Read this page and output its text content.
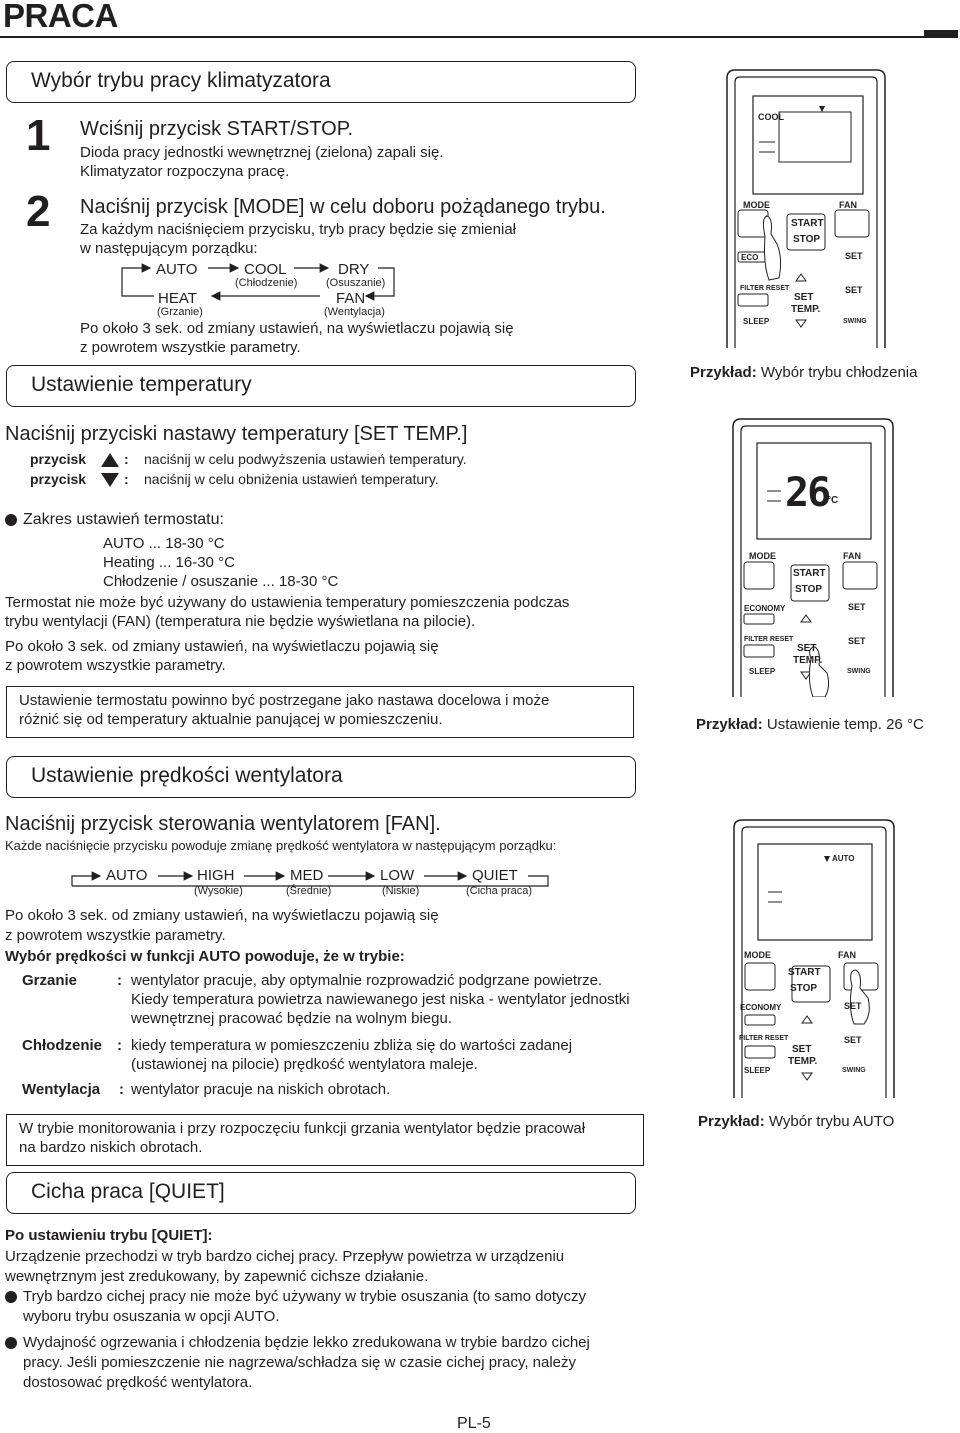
PRACA
Wybór trybu pracy klimatyzatora
1 Wciśnij przycisk START/STOP.
Dioda pracy jednostki wewnętrznej (zielona) zapali się.
Klimatyzator rozpoczyna pracę.
2 Naciśnij przycisk [MODE] w celu doboru pożądanego trybu.
Za każdym naciśnięciem przycisku, tryb pracy będzie się zmieniał
w następującym porządku:
AUTO	COOL
(Chłodzenie)
DRY
(Osuszanie)
HEAT
(Grzanie)
FAN
(Wentylacja)
Po około 3 sek. od zmiany ustawień, na wyświetlaczu pojawią się
z powrotem wszystkie parametry.
Ustawienie temperatury
Naciśnij przyciski nastawy temperatury [SET TEMP.]
przycisk	: naciśnij w celu podwyższenia ustawień temperatury.
przycisk	: naciśnij w celu obniżenia ustawień temperatury.
Zakres ustawień termostatu:
AUTO ... 18-30 °C
Heating ... 16-30 °C
Chłodzenie / osuszanie ... 18-30 °C
Termostat nie może być używany do ustawienia temperatury pomieszczenia podczas
trybu wentylacji (FAN) (temperatura nie będzie wyświetlana na pilocie).
Po około 3 sek. od zmiany ustawień, na wyświetlaczu pojawią się
z powrotem wszystkie parametry.
Ustawienie termostatu powinno być postrzegane jako nastawa docelowa i może
różnić się od temperatury aktualnie panującej w pomieszczeniu.
Ustawienie prędkości wentylatora
Naciśnij przycisk sterowania wentylatorem [FAN].
Każde naciśnięcie przycisku powoduje zmianę prędkość wentylatora w następującym porządku:
AUTO	HIGH
(Wysokie)
MED
(Średnie)
LOW
(Niskie)
QUIET
(Cicha praca)
Po około 3 sek. od zmiany ustawień, na wyświetlaczu pojawią się
z powrotem wszystkie parametry.
Wybór prędkości w funkcji AUTO powoduje, że w trybie:
Grzanie	: wentylator pracuje, aby optymalnie rozprowadzić podgrzane powietrze.
Kiedy temperatura powietrza nawiewanego jest niska - wentylator jednostki
wewnętrznej pracować będzie na wolnym biegu.
Chłodzenie : kiedy temperatura w pomieszczeniu zbliża się do wartości zadanej
(ustawionej na pilocie) prędkość wentylatora maleje.
Wentylacja : wentylator pracuje na niskich obrotach.
W trybie monitorowania i przy rozpoczęciu funkcji grzania wentylator będzie pracował
na bardzo niskich obrotach.
Cicha praca [QUIET]
Po ustawieniu trybu [QUIET]:
Urządzenie przechodzi w tryb bardzo cichej pracy. Przepływ powietrza w urządzeniu
wewnętrznym jest zredukowany, by zapewnić cichsze działanie.
Tryb bardzo cichej pracy nie może być używany w trybie osuszania (to samo dotyczy
wyboru trybu osuszania w opcji AUTO.
Wydajność ogrzewania i chłodzenia będzie lekko zredukowana w trybie bardzo cichej
pracy. Jeśli pomieszczenie nie nagrzewa/schładza się w czasie cichej pracy, należy
dostosować prędkość wentylatora.
PL-5
COOL
MODE	FAN
START
STOP
ECO	SET
FILTER RESET	SET
SET
TEMP.
SLEEP	SWING
Przykład: Wybór trybu chłodzenia
26
°C
MODE	FAN
START
STOP
ECONOMY	SET
FILTER RESET	SET
SET
TEMP.
SLEEP	SWING
Przykład: Ustawienie temp. 26 °C
AUTO
MODE	FAN
START
STOP
ECONOMY	SET
FILTER RESET	SET
SET
TEMP.
SLEEP	SWING
Przykład: Wybór trybu AUTO
